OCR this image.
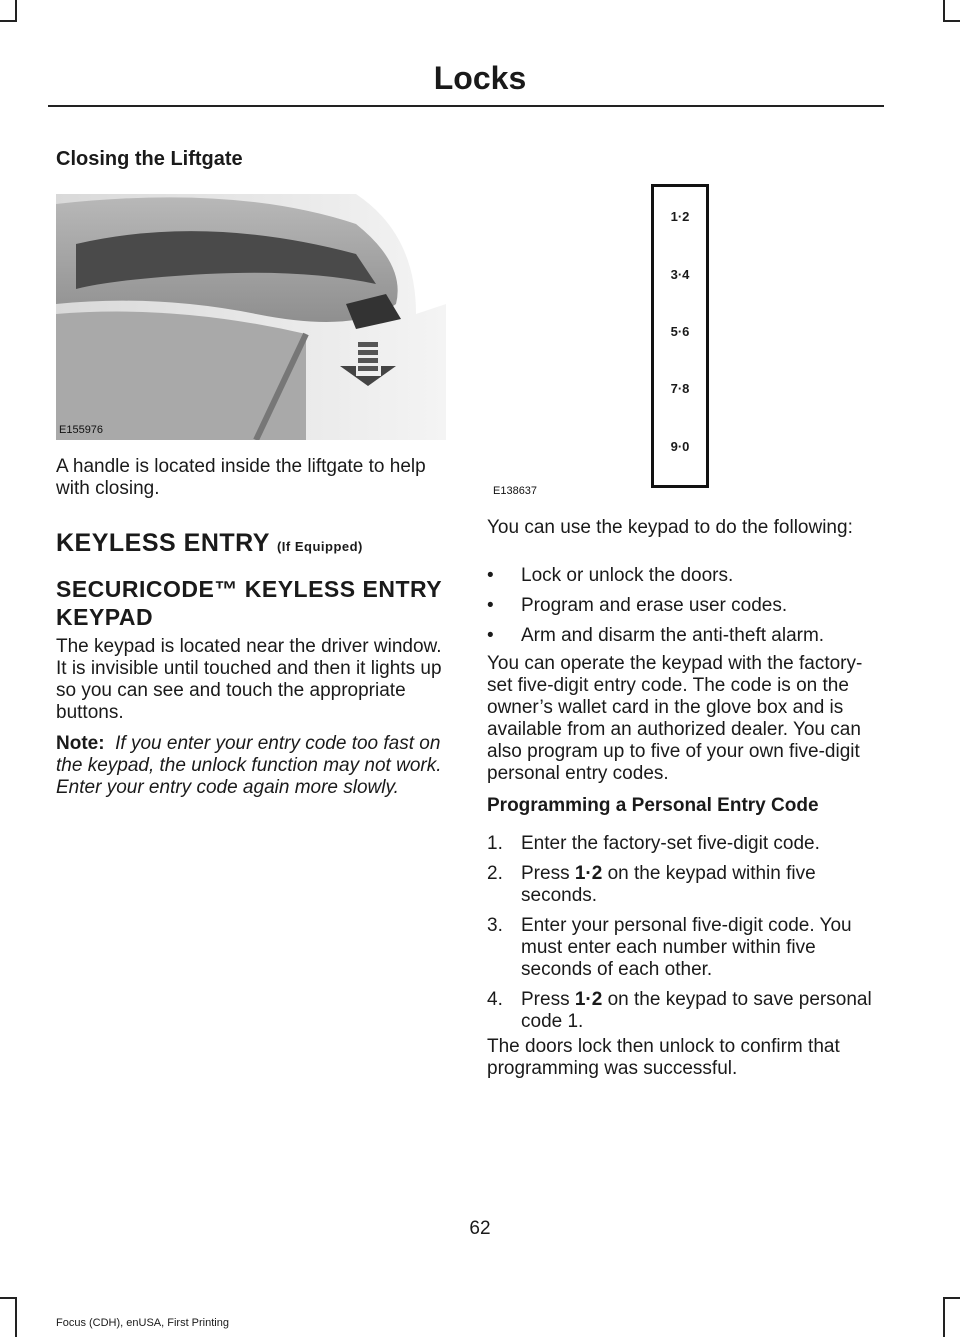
Locks
Closing the Liftgate
E155976

A handle is located inside the liftgate to help with closing.

KEYLESS ENTRY (If Equipped)
SECURICODE™ KEYLESS ENTRY KEYPAD

The keypad is located near the driver window. It is invisible until touched and then it lights up so you can see and touch the appropriate buttons.

Note: If you enter your entry code too fast on the keypad, the unlock function may not work. Enter your entry code again more slowly.

1·2
3·4
5·6
7·8
9·0
E138637

You can use the keypad to do the following:

• Lock or unlock the doors.
• Program and erase user codes.
• Arm and disarm the anti-theft alarm.

You can operate the keypad with the factory-set five-digit entry code. The code is on the owner’s wallet card in the glove box and is available from an authorized dealer. You can also program up to five of your own five-digit personal entry codes.

Programming a Personal Entry Code
1. Enter the factory-set five-digit code.
2. Press 1·2 on the keypad within five seconds.
3. Enter your personal five-digit code. You must enter each number within five seconds of each other.
4. Press 1·2 on the keypad to save personal code 1.

The doors lock then unlock to confirm that programming was successful.

62
Focus (CDH), enUSA, First Printing
